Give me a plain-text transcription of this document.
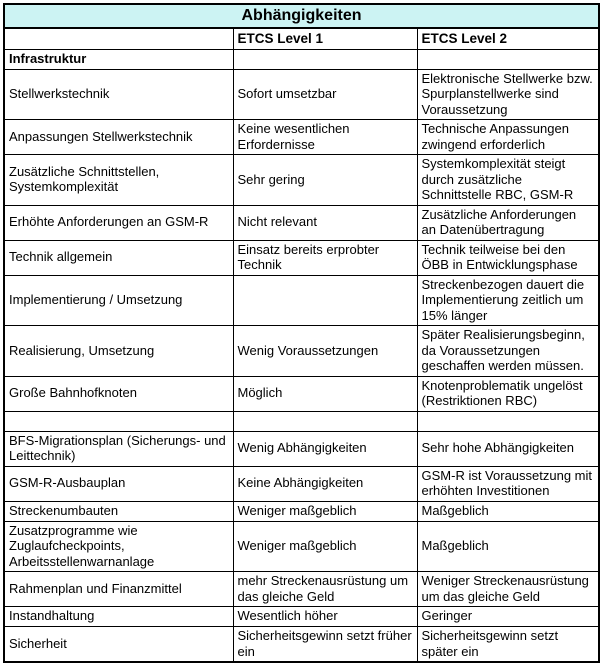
Abhängigkeiten		
	ETCS Level 1	ETCS Level 2
Infrastruktur		
Stellwerkstechnik	Sofort umsetzbar	Elektronische Stellwerke bzw. Spurplanstellwerke sind Voraussetzung
Anpassungen Stellwerkstechnik	Keine wesentlichen Erfordernisse	Technische Anpassungen zwingend erforderlich
Zusätzliche Schnittstellen, Systemkomplexität	Sehr gering	Systemkomplexität steigt durch zusätzliche Schnittstelle RBC, GSM-R
Erhöhte Anforderungen an GSM-R	Nicht relevant	Zusätzliche Anforderungen an Datenübertragung
Technik allgemein	Einsatz bereits erprobter Technik	Technik teilweise bei den ÖBB in Entwicklungsphase
Implementierung / Umsetzung		Streckenbezogen dauert die Implementierung zeitlich um 15% länger
Realisierung, Umsetzung	Wenig Voraussetzungen	Später Realisierungsbeginn, da Voraussetzungen geschaffen werden müssen.
Große Bahnhofknoten	Möglich	Knotenproblematik ungelöst (Restriktionen RBC)

BFS-Migrationsplan (Sicherungs- und Leittechnik)	Wenig Abhängigkeiten	Sehr hohe Abhängigkeiten
GSM-R-Ausbauplan	Keine Abhängigkeiten	GSM-R ist Voraussetzung mit erhöhten Investitionen
Streckenumbauten	Weniger maßgeblich	Maßgeblich
Zusatzprogramme wie Zuglaufcheckpoints, Arbeitsstellenwarnanlage	Weniger maßgeblich	Maßgeblich
Rahmenplan und Finanzmittel	mehr Streckenausrüstung um das gleiche Geld	Weniger Streckenausrüstung um das gleiche Geld
Instandhaltung	Wesentlich höher	Geringer
Sicherheit	Sicherheitsgewinn setzt früher ein	Sicherheitsgewinn setzt später ein
